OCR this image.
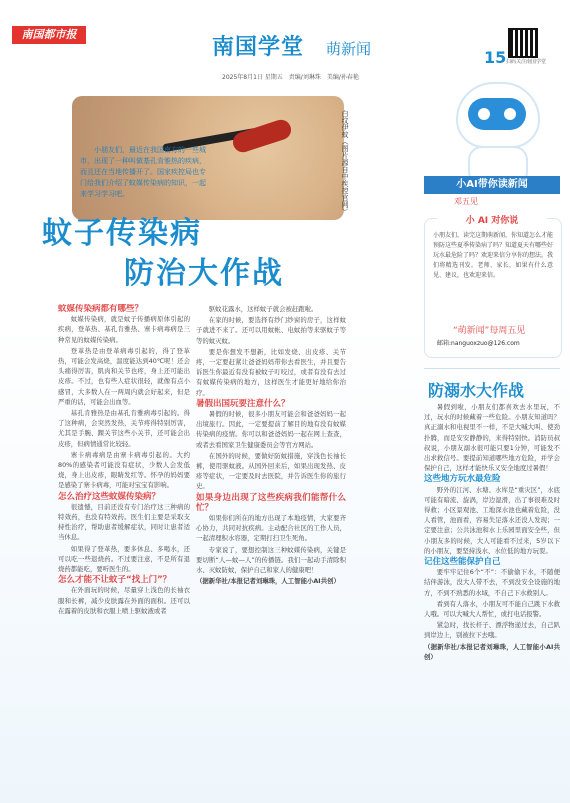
南国都市报
南国学堂 萌新闻
2025年8月1日 星期五　责编/刘琳珠　美编/孙春艳
15 扫码关注南国学堂
小AI带你读新闻
邓五见
小 AI 对你说
小朋友们，读完这期萌新闻，你知道怎么才能预防这些夏季传染病了吗？知道夏天有哪些好玩水最危险了吗？欢迎来信分享你的想法。我们将精选刊发。老师、家长，如果有什么意见、建议，也欢迎来信。
“萌新闻”每周五见
邮箱:nanguoxzuo@126.com
白纹伊蚊（图片源自中疾控官网）
小朋友们，最近在我国南方的一些城市，出现了一种叫做基孔肯雅热的疾病，而且还在当地传播开了。国家疾控局也专门给我们介绍了蚊媒传染病的知识，一起来学习学习吧。
蚊子传染病
防治大作战
蚊媒传染病都有哪些？

蚊媒传染病，就是蚊子传播病原体引起的疾病，登革热、基孔肯雅热、寨卡病毒病是三种常见的蚊媒传染病。

登革热是由登革病毒引起的，得了登革热，可能会发高烧，温度能达到40℃呢！还会头痛得厉害，肌肉和关节也疼，身上还可能出皮疹。不过，也有些人症状很轻，就像有点小感冒，大多数人在一两周内就会好起来，但是严重的话，可能会出血等。

基孔肯雅热是由基孔肯雅病毒引起的。得了这种病，会突然发热，关节疼得特别厉害，尤其是手腕、踝关节这些小关节，还可能会出皮疹，但病情通常比较轻。

寨卡病毒病是由寨卡病毒引起的。大约80%的感染者可能没有症状，少数人会发低烧，身上出皮疹，眼睛发红等。怀孕的妈妈要是感染了寨卡病毒，可能对宝宝有影响。

怎么治疗这些蚊媒传染病？

很遗憾，目前还没有专门治疗这三种病的特效药，也没有特效药。医生们主要是采取支持性治疗，帮助患者缓解症状，同时让患者适当休息。

如果得了登革热，要多休息、多喝水，还可以吃一些退烧药。不过要注意，不是所有退烧药都能吃，要听医生的。

怎么才能不让蚊子“找上门”？

在外面玩的时候，尽量穿上浅色的长袖衣服和长裤，减少皮肤露在外面的面积。还可以在露着的皮肤和衣服上喷上驱蚊液或者

驱蚊花露水，这样蚊子就会被赶跑啦。

在家的时候，要选择有纱门纱窗的房子，这样蚊子就进不来了。还可以用蚊帐、电蚊拍等来驱蚊子等等的蚊灭蚊。

要是你想发不想新，比如发烧、出皮疹、关节疼，一定要赶紧让爸爸妈妈带你去看医生，并且要告诉医生你最近有没有被蚊子叮咬过，或者有没有去过有蚊媒传染病的地方，这样医生才能更好地给你治疗。

暑假出国玩要注意什么？

暑假的时候，很多小朋友可能会和爸爸妈妈一起出境旅行。因此，一定要提前了解目的地有没有蚊媒传染病的疫情。你可以和爸爸妈妈一起在网上查查，或者去看国家卫生健康委员会等官方网站。

在国外的时候，要做好防蚊措施，穿浅色长袖长裤，使用驱蚊液。从国外回来后，如果出现发热、皮疹等症状，一定要及时去医院，并告诉医生你的旅行史。

如果身边出现了这些疾病我们能帮什么忙？

如果你们所在的地方出现了本地疫情，大家要齐心协力，共同对抗疾病。主动配合社区的工作人员，一起清理积水容器，定期打扫卫生死角。

专家说了，要想控制这三种蚊媒传染病，关键是要切断“人—蚊—人”的传播链。我们一起动手清除积水、灭蚊防蚊，保护自己和家人的健康吧！

（据新华社/本报记者刘琳珠，人工智能小AI共创）
防溺水大作战

暑假到啦，小朋友们都喜欢去水里玩，不过，玩水的时候藏着一些危险。小朋友知道吗？真正溺水和电视里不一样，不是大喊大叫、使劲扑腾，而是安安静静的，来得特别快。消防员叔叔说，小朋友溺水很可能只要1分钟，可能发不出求救信号。要提前知道哪些地方危险，并学会保护自己，这样才能快乐又安全地度过暑假！

这些地方玩水最危险

野外的江河、水塘、水库是“重灾区”，水底可能有暗流、旋涡，岸边湿滑，出了事很难及时得救；小区景观池、工地深水池也藏着危险，没人看管，池面看，容易失足落水还没人发现；一定要注意；公共泳池和水上乐园里面安全些，但小朋友多的时候，大人可能看不过来，5岁以下的小朋友，要坚持浅水、水位低的地方玩耍。

记住这些能保护自己

要牢牢记住6个“不”：不偷偷下水，不随便结伴游泳，没大人带不去，不到没安全设施的地方，不到不熟悉的水域，不自己下水救别人。

看到有人落水，小朋友可不能自己跳下水救人哦。可以大喊大人帮忙，或打电话报警。

紧急时，找长杆子、漂浮物递过去，自己趴到岸边上，别被拉下去哦。

（据新华社/本报记者刘琳珠，人工智能小AI共创）
